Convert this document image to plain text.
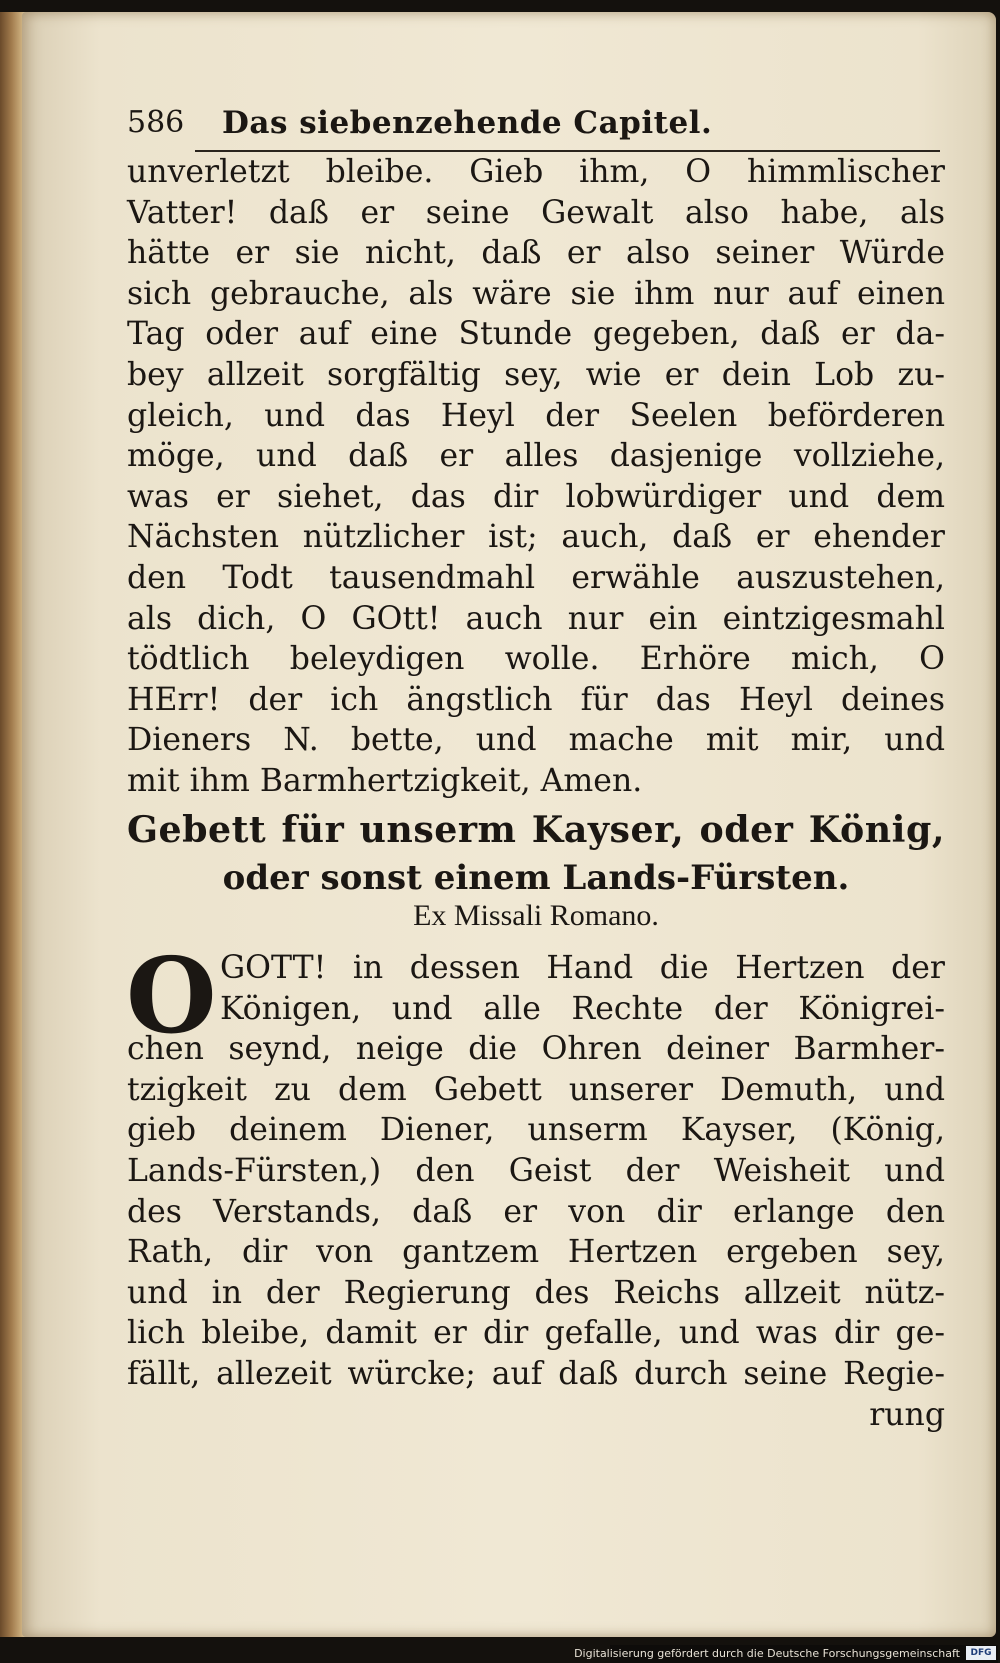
586 Das siebenzehende Capitel.
unverletzt bleibe. Gieb ihm, O himmlischer
Vatter! daß er seine Gewalt also habe, als
hätte er sie nicht, daß er also seiner Würde
sich gebrauche, als wäre sie ihm nur auf einen
Tag oder auf eine Stunde gegeben, daß er da-
bey allzeit sorgfältig sey, wie er dein Lob zu-
gleich, und das Heyl der Seelen beförderen
möge, und daß er alles dasjenige vollziehe,
was er siehet, das dir lobwürdiger und dem
Nächsten nützlicher ist; auch, daß er ehender
den Todt tausendmahl erwähle auszustehen,
als dich, O GOtt! auch nur ein eintzigesmahl
tödtlich beleydigen wolle. Erhöre mich, O
HErr! der ich ängstlich für das Heyl deines
Dieners N. bette, und mache mit mir, und
mit ihm Barmhertzigkeit, Amen.
Gebett für unserm Kayser, oder König,
oder sonst einem Lands-Fürsten.
Ex Missali Romano.
O GOTT! in dessen Hand die Hertzen der
Königen, und alle Rechte der Königrei-
chen seynd, neige die Ohren deiner Barmher-
tzigkeit zu dem Gebett unserer Demuth, und
gieb deinem Diener, unserm Kayser, (König,
Lands-Fürsten,) den Geist der Weisheit und
des Verstands, daß er von dir erlange den
Rath, dir von gantzem Hertzen ergeben sey,
und in der Regierung des Reichs allzeit nütz-
lich bleibe, damit er dir gefalle, und was dir ge-
fällt, allezeit würcke; auf daß durch seine Regie-
rung
Digitalisierung gefördert durch die Deutsche Forschungsgemeinschaft	DFG
